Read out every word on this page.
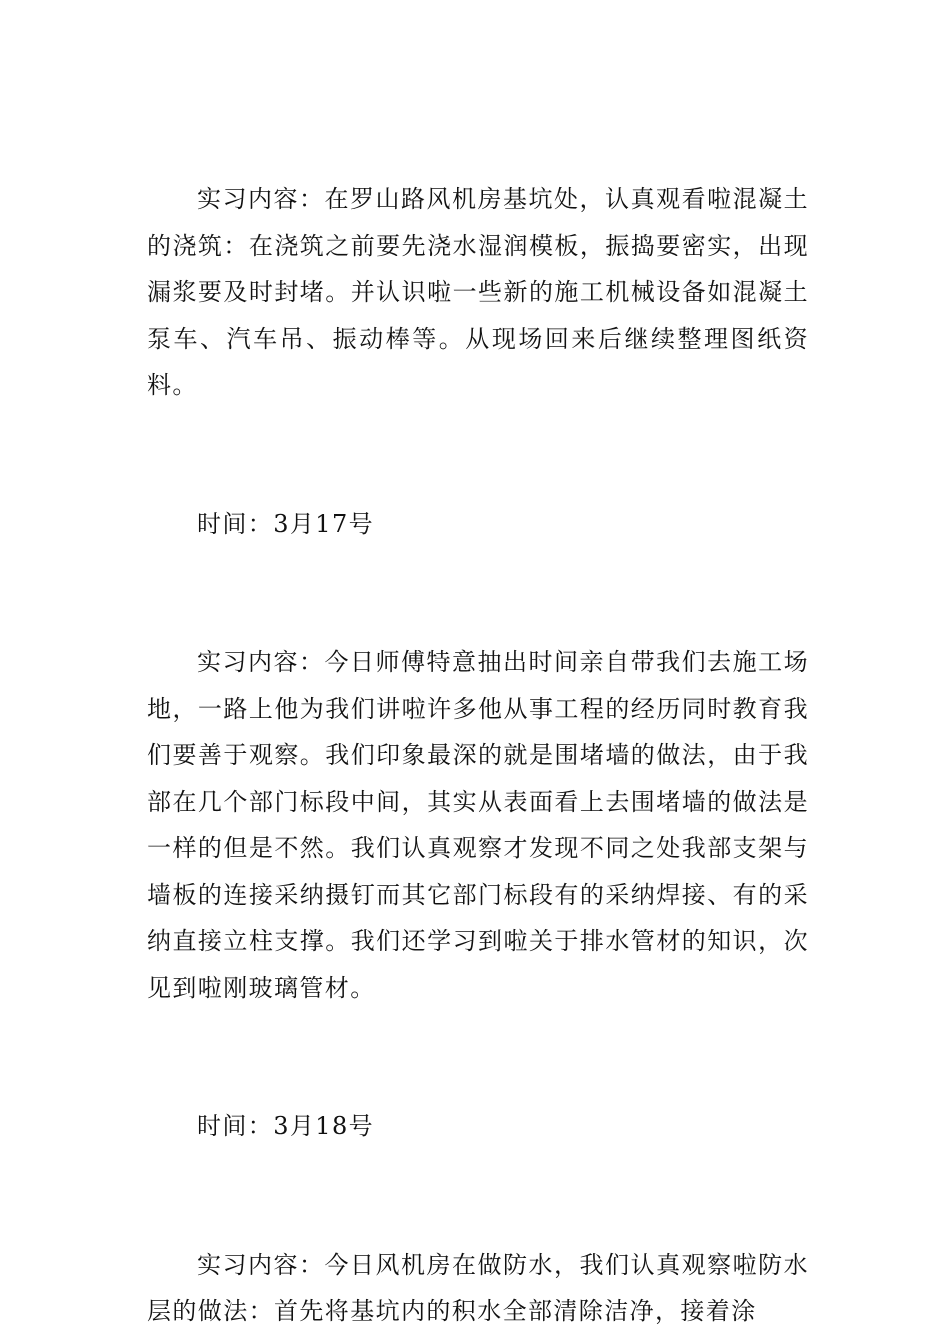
实习内容：在罗山路风机房基坑处，认真观看啦混凝土的浇筑：在浇筑之前要先浇水湿润模板，振捣要密实，出现漏浆要及时封堵。并认识啦一些新的施工机械设备如混凝土泵车、汽车吊、振动棒等。从现场回来后继续整理图纸资料。

时间：3月17号

实习内容：今日师傅特意抽出时间亲自带我们去施工场地，一路上他为我们讲啦许多他从事工程的经历同时教育我们要善于观察。我们印象最深的就是围堵墙的做法，由于我部在几个部门标段中间，其实从表面看上去围堵墙的做法是一样的但是不然。我们认真观察才发现不同之处我部支架与墙板的连接采纳摄钉而其它部门标段有的采纳焊接、有的采纳直接立柱支撑。我们还学习到啦关于排水管材的知识，次见到啦刚玻璃管材。

时间：3月18号

实习内容：今日风机房在做防水，我们认真观察啦防水层的做法：首先将基坑内的积水全部清除洁净，接着涂
